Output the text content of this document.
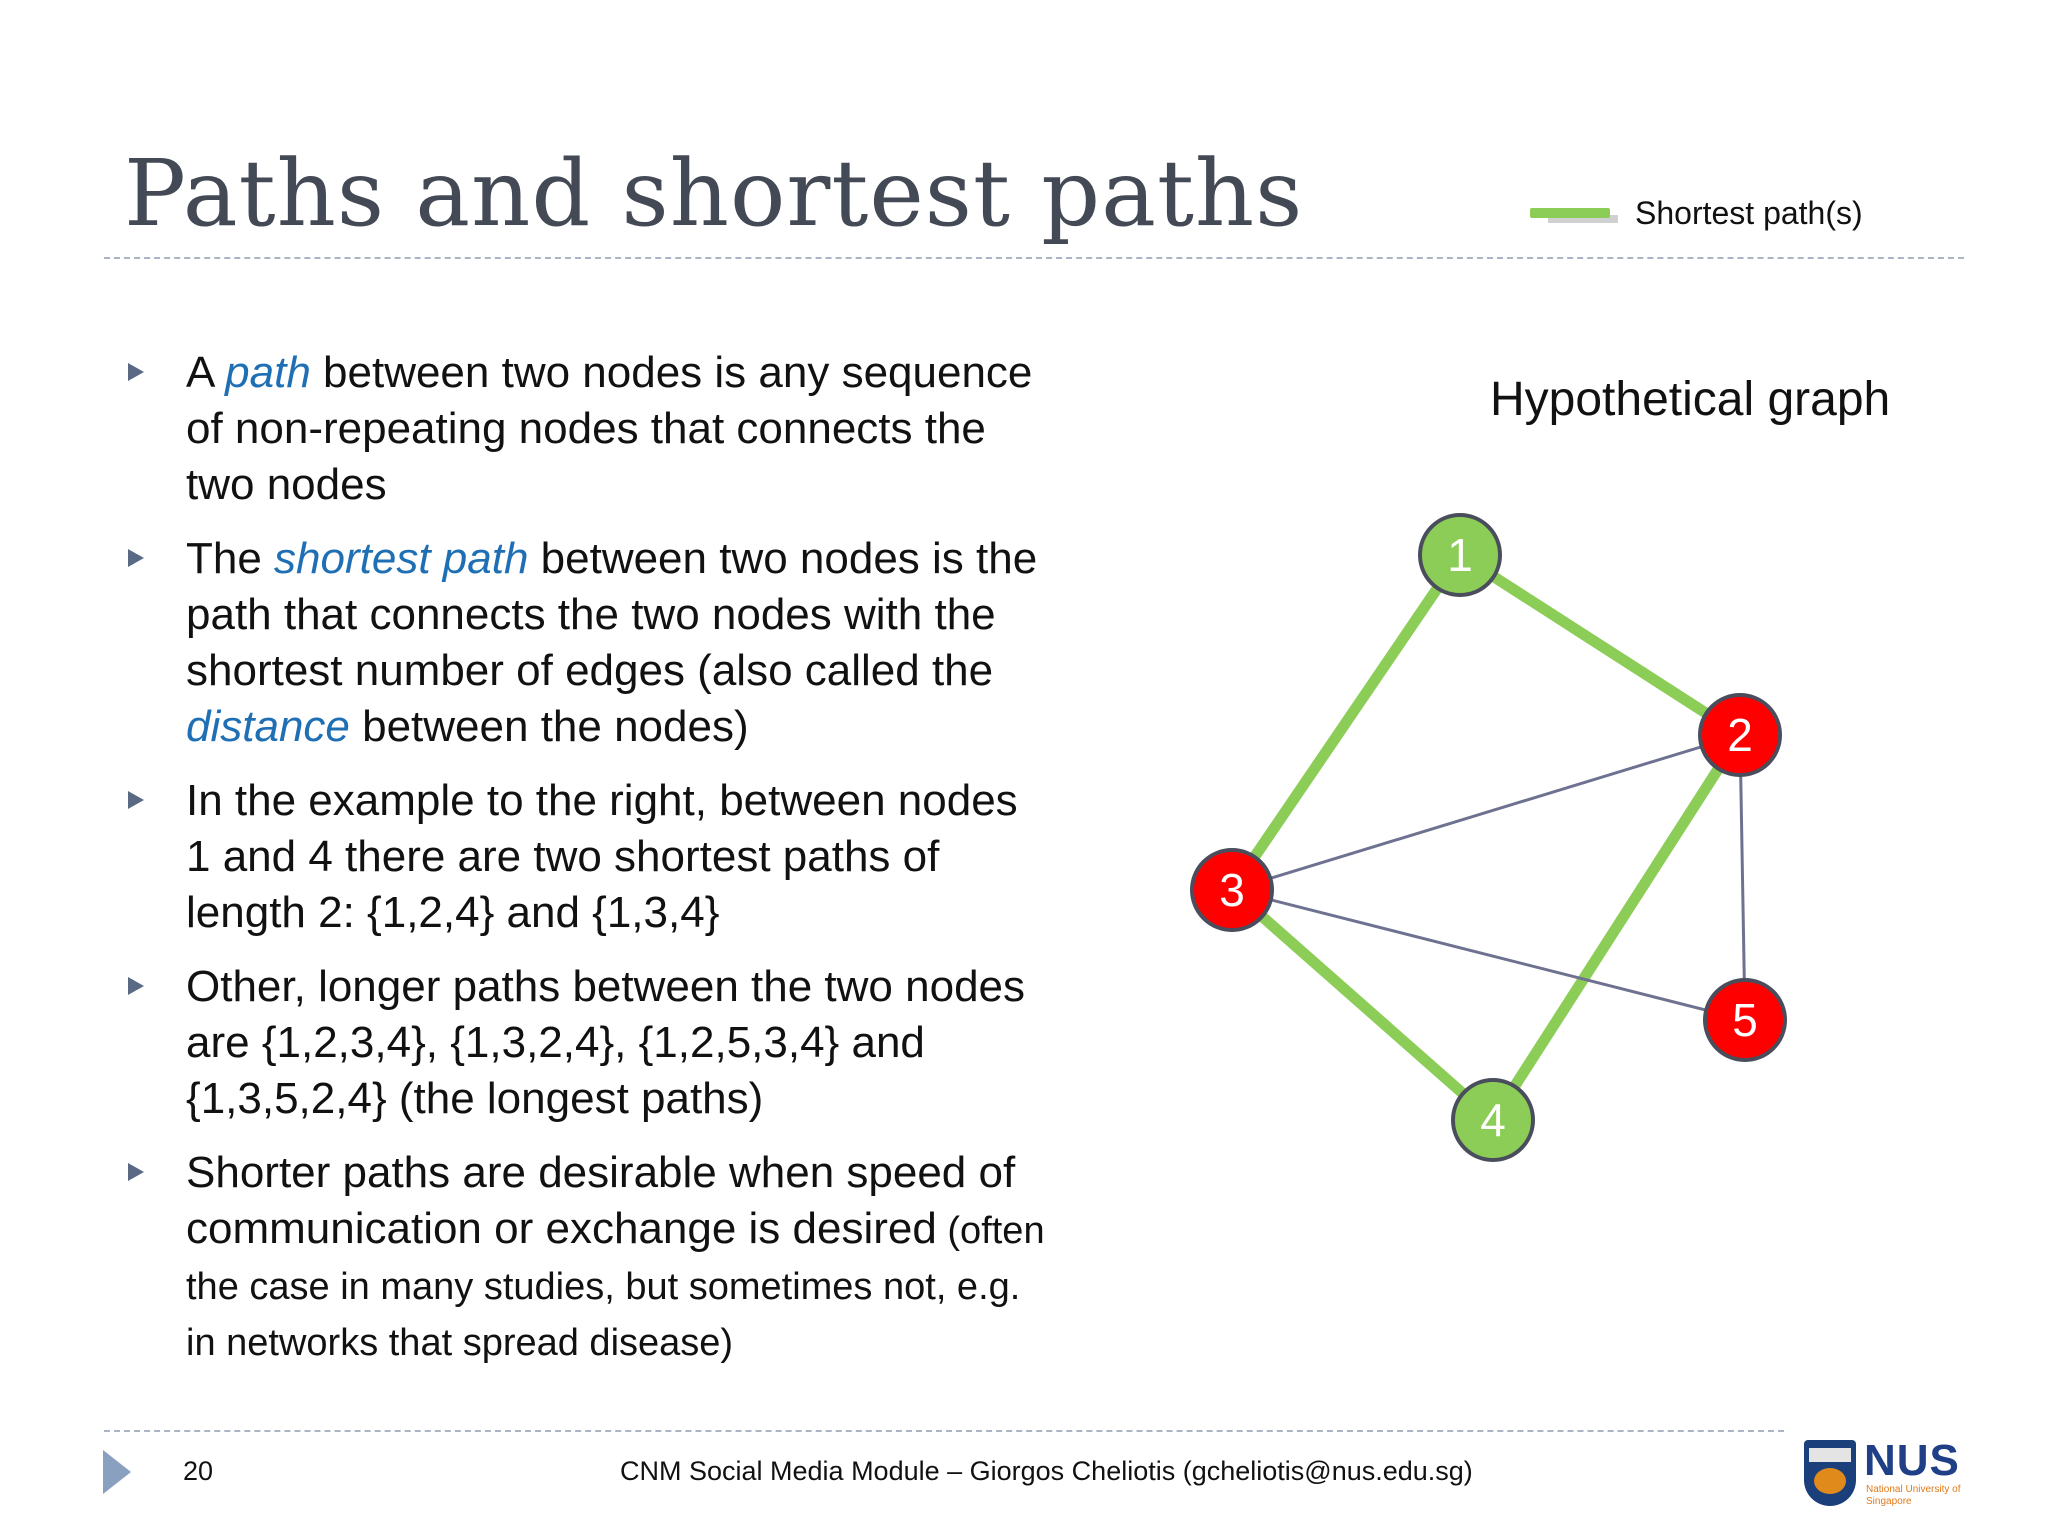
Paths and shortest paths	Shortest path(s)
A path between two nodes is any sequence of non-repeating nodes that connects the two nodes
The shortest path between two nodes is the path that connects the two nodes with the shortest number of edges (also called the distance between the nodes)
In the example to the right, between nodes 1 and 4 there are two shortest paths of length 2: {1,2,4} and {1,3,4}
Other, longer paths between the two nodes are {1,2,3,4}, {1,3,2,4}, {1,2,5,3,4} and {1,3,5,2,4} (the longest paths)
Shorter paths are desirable when speed of communication or exchange is desired (often the case in many studies, but sometimes not, e.g. in networks that spread disease)
Hypothetical graph
1
2
3
4
5
20	CNM Social Media Module – Giorgos Cheliotis (gcheliotis@nus.edu.sg)	NUS
National University of Singapore
